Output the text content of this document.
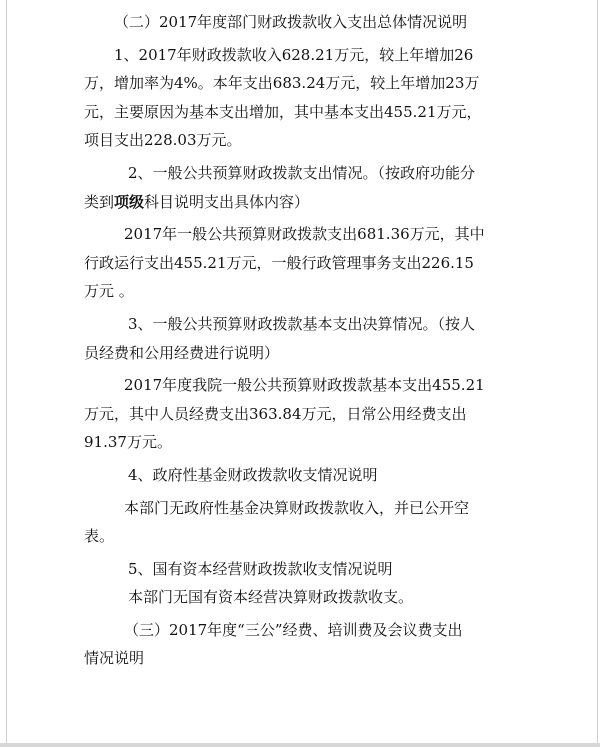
（二）2017年度部门财政拨款收入支出总体情况说明

1、2017年财政拨款收入628.21万元，较上年增加26

万，增加率为4%。本年支出683.24万元，较上年增加23万

元，主要原因为基本支出增加，其中基本支出455.21万元，

项目支出228.03万元。

2、一般公共预算财政拨款支出情况。（按政府功能分

类到项级科目说明支出具体内容）

2017年一般公共预算财政拨款支出681.36万元，其中

行政运行支出455.21万元，一般行政管理事务支出226.15

万元 。

3、一般公共预算财政拨款基本支出决算情况。（按人

员经费和公用经费进行说明）

2017年度我院一般公共预算财政拨款基本支出455.21

万元，其中人员经费支出363.84万元，日常公用经费支出

91.37万元。

4、政府性基金财政拨款收支情况说明

本部门无政府性基金决算财政拨款收入，并已公开空

表。

5、国有资本经营财政拨款收支情况说明

本部门无国有资本经营决算财政拨款收支。

（三）2017年度“三公”经费、培训费及会议费支出

情况说明
